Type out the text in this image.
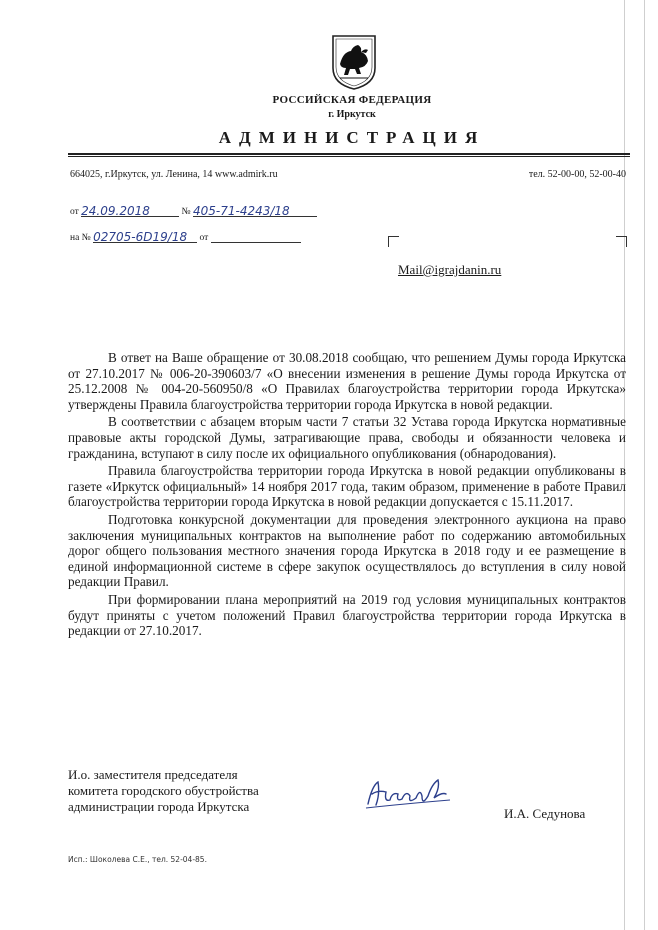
РОССИЙСКАЯ ФЕДЕРАЦИЯ
г. Иркутск
АДМИНИСТРАЦИЯ
664025, г.Иркутск, ул. Ленина, 14 www.admirk.ru	тел. 52-00-00, 52-00-40
от 24.09.2018	№ 405-71-4243/18
на № 02705-6D19/18 от
Mail@igrajdanin.ru

В ответ на Ваше обращение от 30.08.2018 сообщаю, что решением Думы города Иркутска от 27.10.2017 № 006-20-390603/7 «О внесении изменения в решение Думы города Иркутска от 25.12.2008 № 004-20-560950/8 «О Правилах благоустройства территории города Иркутска» утверждены Правила благоустройства территории города Иркутска в новой редакции.

В соответствии с абзацем вторым части 7 статьи 32 Устава города Иркутска нормативные правовые акты городской Думы, затрагивающие права, свободы и обязанности человека и гражданина, вступают в силу после их официального опубликования (обнародования).

Правила благоустройства территории города Иркутска в новой редакции опубликованы в газете «Иркутск официальный» 14 ноября 2017 года, таким образом, применение в работе Правил благоустройства территории города Иркутска в новой редакции допускается с 15.11.2017.

Подготовка конкурсной документации для проведения электронного аукциона на право заключения муниципальных контрактов на выполнение работ по содержанию автомобильных дорог общего пользования местного значения города Иркутска в 2018 году и ее размещение в единой информационной системе в сфере закупок осуществлялось до вступления в силу новой редакции Правил.

При формировании плана мероприятий на 2019 год условия муниципальных контрактов будут приняты с учетом положений Правил благоустройства территории города Иркутска в редакции от 27.10.2017.

И.о. заместителя председателя
комитета городского обустройства
администрации города Иркутска	И.А. Седунова
Исп.: Шоколева С.Е., тел. 52-04-85.
